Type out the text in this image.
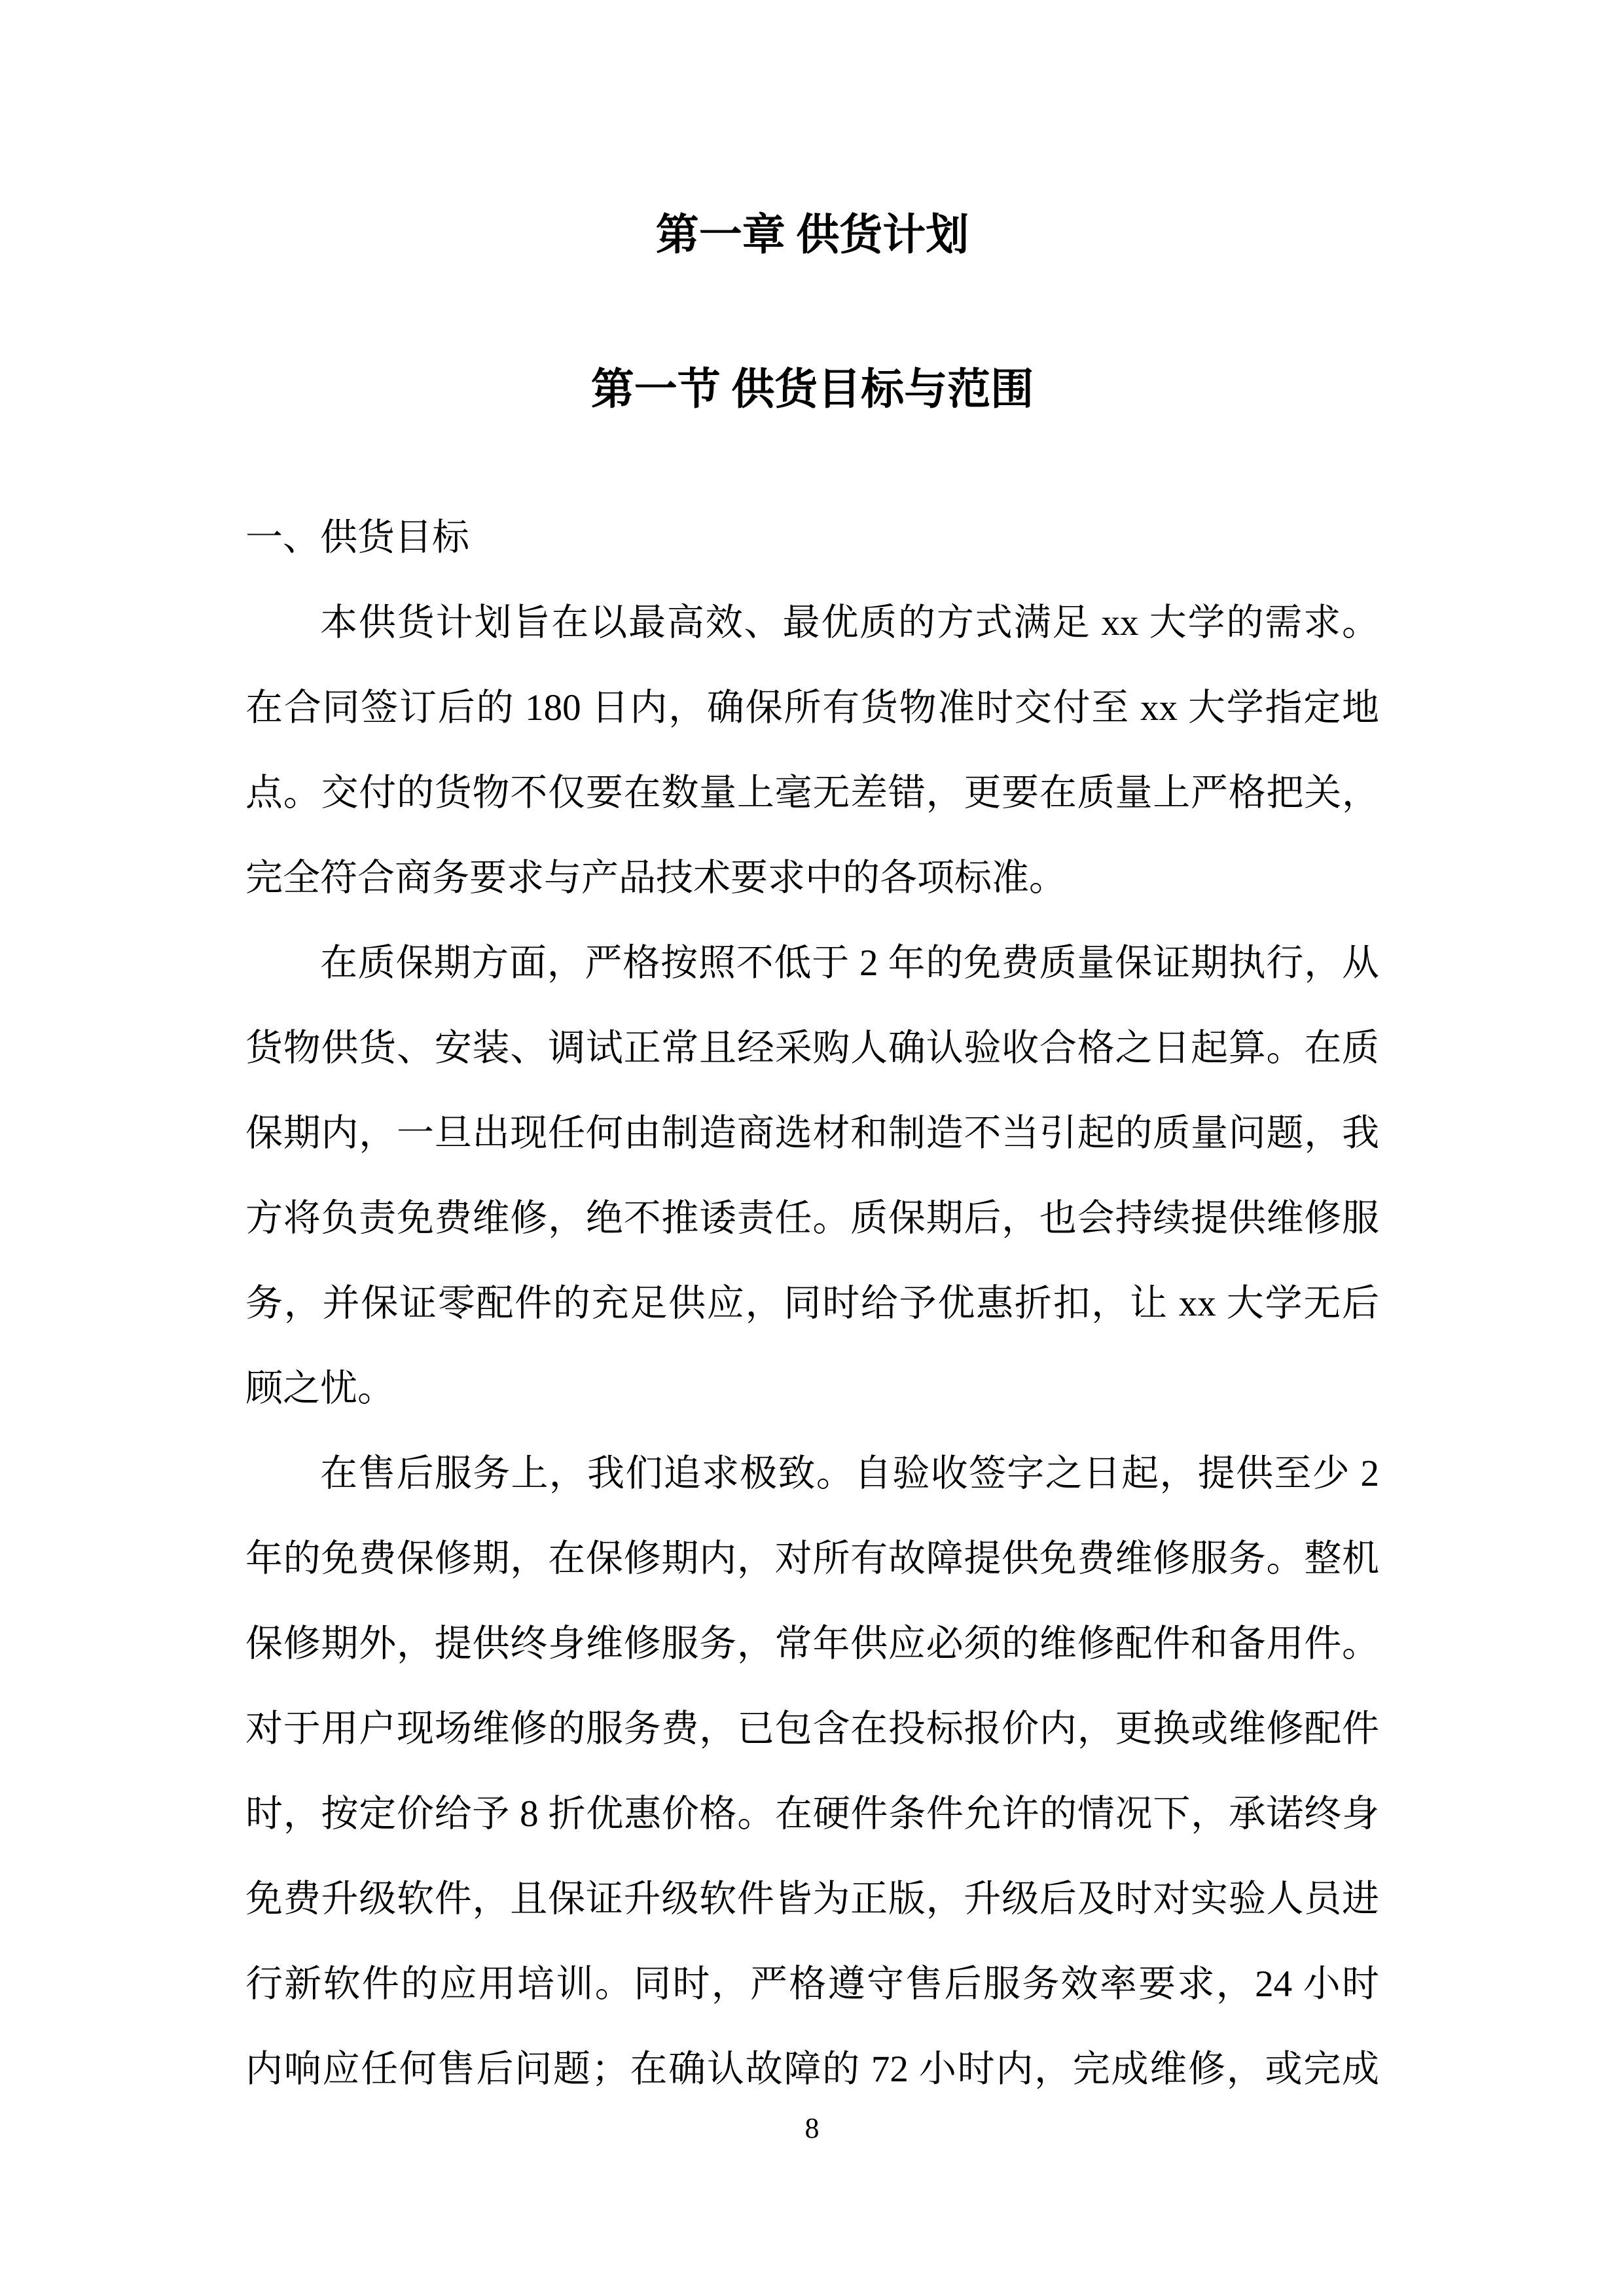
第一章 供货计划
第一节 供货目标与范围
一、供货目标
本供货计划旨在以最高效、最优质的方式满足 xx 大学的需求。
在合同签订后的 180 日内，确保所有货物准时交付至 xx 大学指定地
点。交付的货物不仅要在数量上毫无差错，更要在质量上严格把关，
完全符合商务要求与产品技术要求中的各项标准。
在质保期方面，严格按照不低于 2 年的免费质量保证期执行，从
货物供货、安装、调试正常且经采购人确认验收合格之日起算。在质
保期内，一旦出现任何由制造商选材和制造不当引起的质量问题，我
方将负责免费维修，绝不推诿责任。质保期后，也会持续提供维修服
务，并保证零配件的充足供应，同时给予优惠折扣，让 xx 大学无后
顾之忧。
在售后服务上，我们追求极致。自验收签字之日起，提供至少 2
年的免费保修期，在保修期内，对所有故障提供免费维修服务。整机
保修期外，提供终身维修服务，常年供应必须的维修配件和备用件。
对于用户现场维修的服务费，已包含在投标报价内，更换或维修配件
时，按定价给予 8 折优惠价格。在硬件条件允许的情况下，承诺终身
免费升级软件，且保证升级软件皆为正版，升级后及时对实验人员进
行新软件的应用培训。同时，严格遵守售后服务效率要求，24 小时
内响应任何售后问题；在确认故障的 72 小时内，完成维修，或完成
8
